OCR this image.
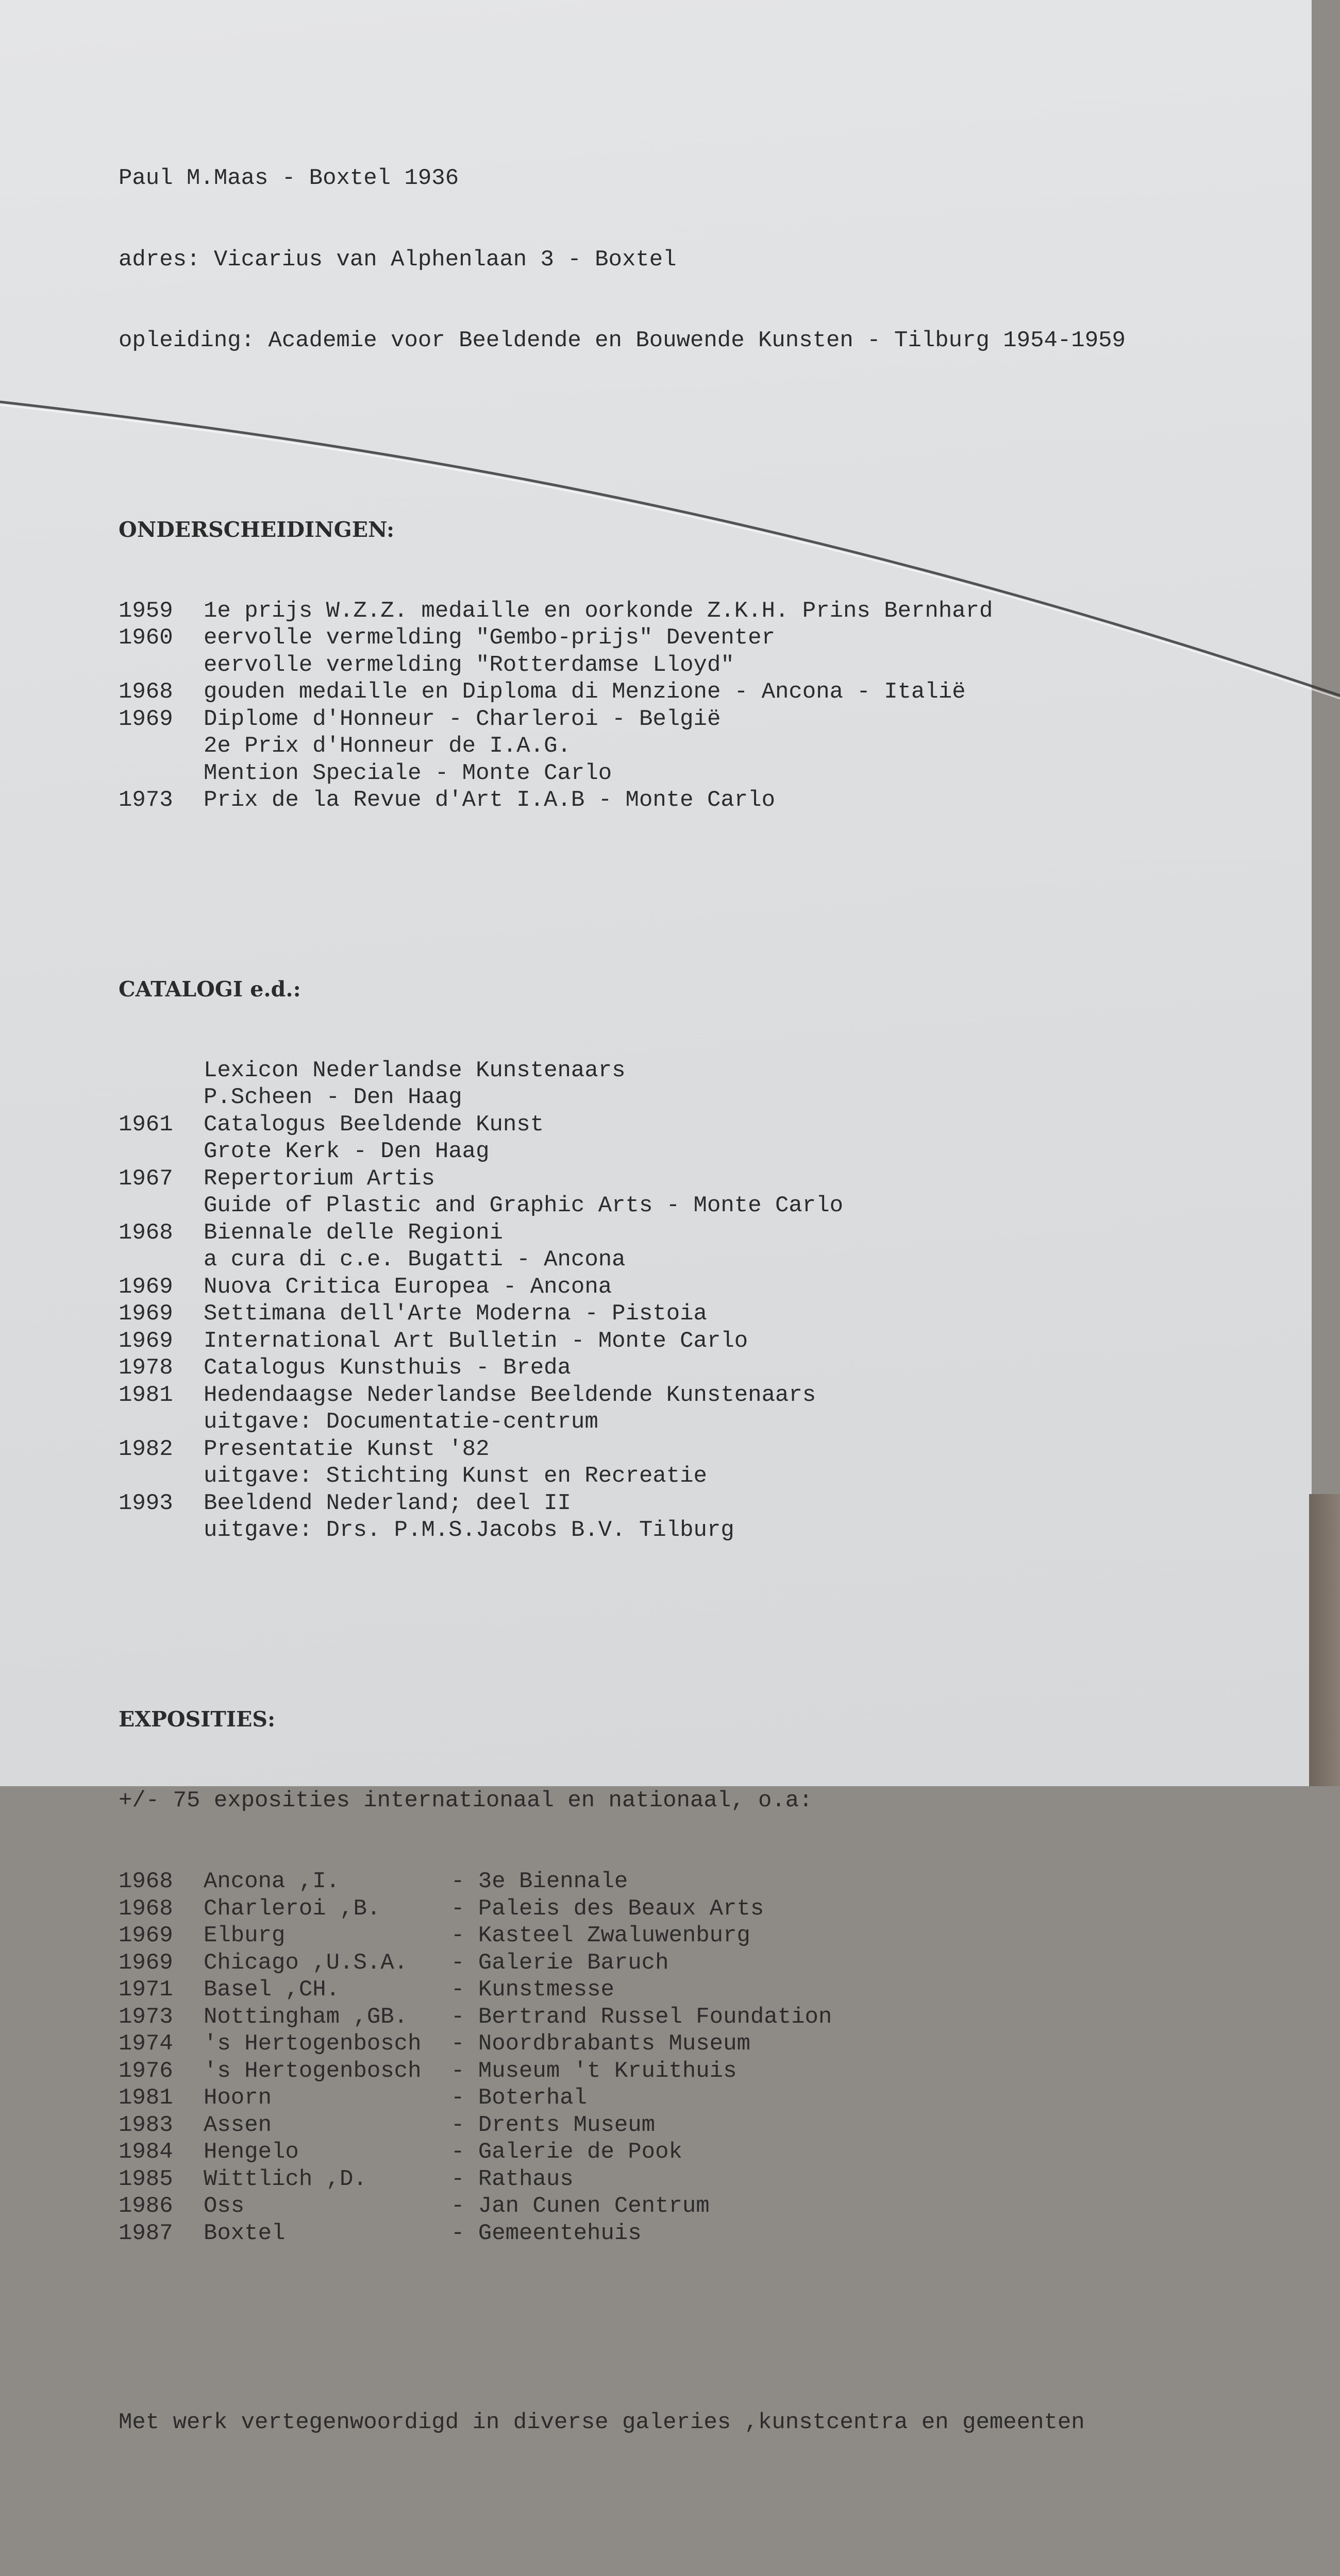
Paul M.Maas - Boxtel 1936

adres: Vicarius van Alphenlaan 3 - Boxtel

opleiding: Academie voor Beeldende en Bouwende Kunsten - Tilburg 1954-1959

ONDERSCHEIDINGEN:

1959 1e prijs W.Z.Z. medaille en oorkonde Z.K.H. Prins Bernhard
1960 eervolle vermelding "Gembo-prijs" Deventer
eervolle vermelding "Rotterdamse Lloyd"
1968 gouden medaille en Diploma di Menzione - Ancona - Italië
1969 Diplome d'Honneur - Charleroi - België
2e Prix d'Honneur de I.A.G.
Mention Speciale - Monte Carlo
1973 Prix de la Revue d'Art I.A.B - Monte Carlo

CATALOGI e.d.:

Lexicon Nederlandse Kunstenaars
P.Scheen - Den Haag
1961 Catalogus Beeldende Kunst
Grote Kerk - Den Haag
1967 Repertorium Artis
Guide of Plastic and Graphic Arts - Monte Carlo
1968 Biennale delle Regioni
a cura di c.e. Bugatti - Ancona
1969 Nuova Critica Europea - Ancona
1969 Settimana dell'Arte Moderna - Pistoia
1969 International Art Bulletin - Monte Carlo
1978 Catalogus Kunsthuis - Breda
1981 Hedendaagse Nederlandse Beeldende Kunstenaars
uitgave: Documentatie-centrum
1982 Presentatie Kunst '82
uitgave: Stichting Kunst en Recreatie
1993 Beeldend Nederland; deel II
uitgave: Drs. P.M.S.Jacobs B.V. Tilburg

EXPOSITIES:

+/- 75 exposities internationaal en nationaal, o.a:

1968 Ancona ,I.	- 3e Biennale
1968 Charleroi ,B.	- Paleis des Beaux Arts
1969 Elburg	- Kasteel Zwaluwenburg
1969 Chicago ,U.S.A. - Galerie Baruch
1971 Basel ,CH.	- Kunstmesse
1973 Nottingham ,GB. - Bertrand Russel Foundation
1974 's Hertogenbosch - Noordbrabants Museum
1976 's Hertogenbosch - Museum 't Kruithuis
1981 Hoorn	- Boterhal
1983 Assen	- Drents Museum
1984 Hengelo	- Galerie de Pook
1985 Wittlich ,D.	- Rathaus
1986 Oss	- Jan Cunen Centrum
1987 Boxtel	- Gemeentehuis

Met werk vertegenwoordigd in diverse galeries ,kunstcentra en gemeenten
